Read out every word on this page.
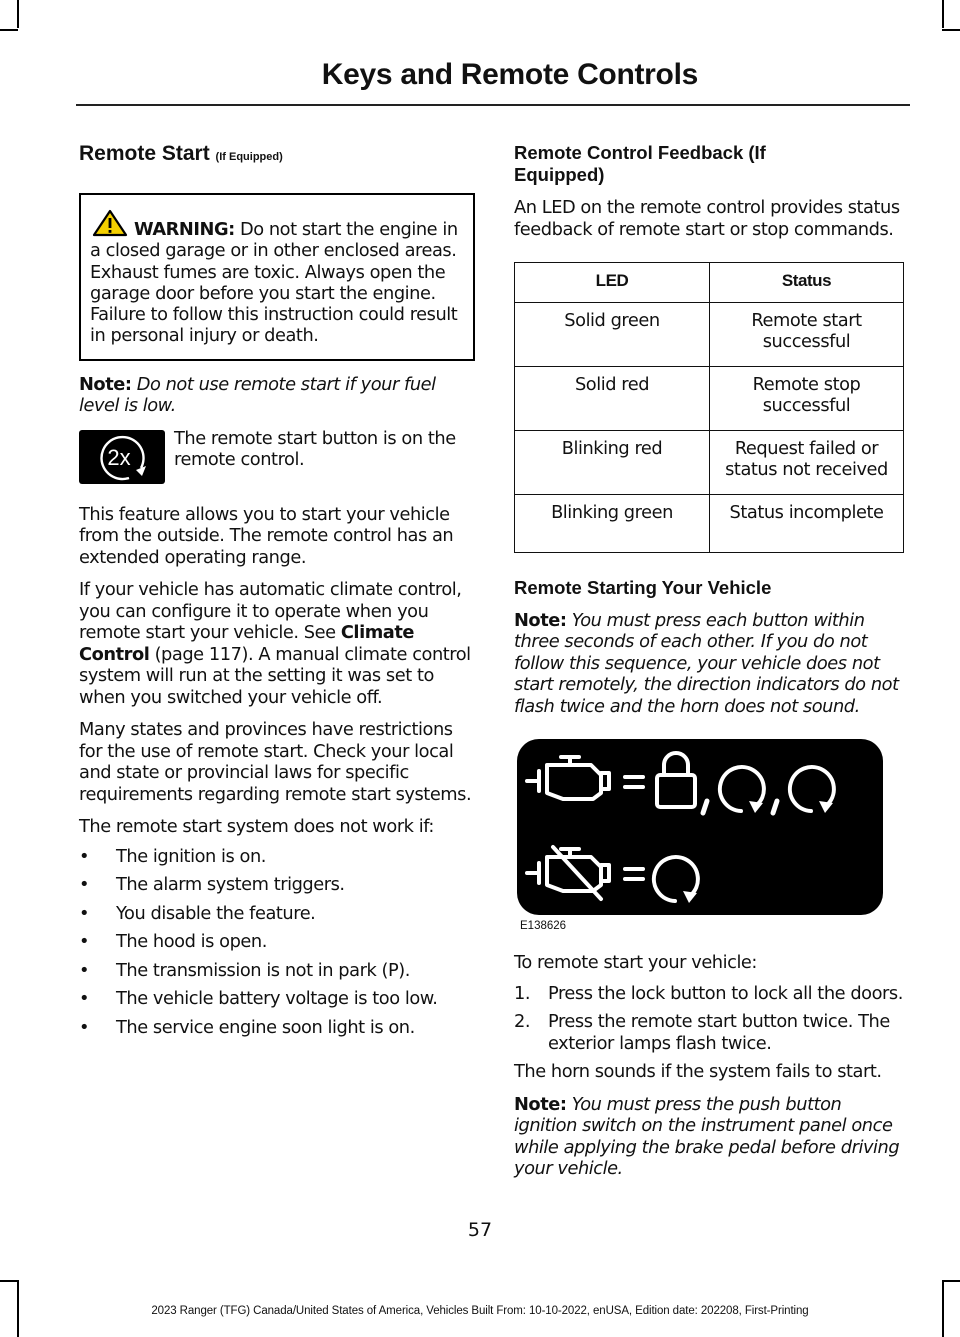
Keys and Remote Controls
Remote Start (If Equipped)

WARNING: Do not start the engine in a closed garage or in other enclosed areas. Exhaust fumes are toxic. Always open the garage door before you start the engine. Failure to follow this instruction could result in personal injury or death.

Note: Do not use remote start if your fuel level is low.

2x

The remote start button is on the remote control.

This feature allows you to start your vehicle from the outside. The remote control has an extended operating range.

If your vehicle has automatic climate control, you can configure it to operate when you remote start your vehicle. See Climate Control (page 117). A manual climate control system will run at the setting it was set to when you switched your vehicle off.

Many states and provinces have restrictions for the use of remote start. Check your local and state or provincial laws for specific requirements regarding remote start systems.

The remote start system does not work if:

• The ignition is on.
• The alarm system triggers.
• You disable the feature.
• The hood is open.
• The transmission is not in park (P).
• The vehicle battery voltage is too low.
• The service engine soon light is on.
Remote Control Feedback (If Equipped)

An LED on the remote control provides status feedback of remote start or stop commands.

LED	Status
Solid green	Remote start successful
Solid red	Remote stop successful
Blinking red	Request failed or status not received
Blinking green	Status incomplete
Remote Starting Your Vehicle

Note: You must press each button within three seconds of each other. If you do not follow this sequence, your vehicle does not start remotely, the direction indicators do not flash twice and the horn does not sound.

E138626

To remote start your vehicle:

1. Press the lock button to lock all the doors.
2. Press the remote start button twice. The exterior lamps flash twice.

The horn sounds if the system fails to start.

Note: You must press the push button ignition switch on the instrument panel once while applying the brake pedal before driving your vehicle.

57
2023 Ranger (TFG) Canada/United States of America, Vehicles Built From: 10-10-2022, enUSA, Edition date: 202208, First-Printing
